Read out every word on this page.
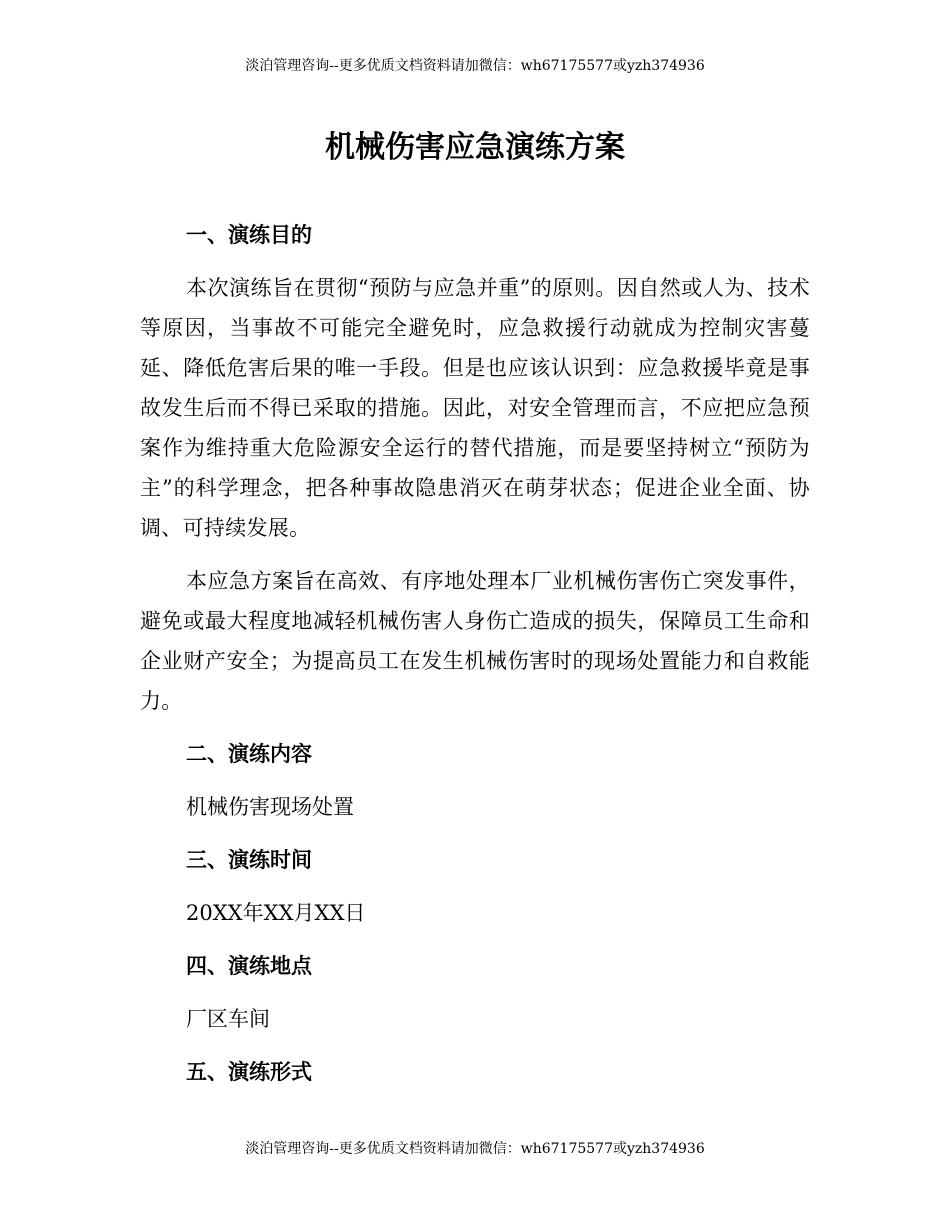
淡泊管理咨询--更多优质文档资料请加微信：wh67175577或yzh374936
机械伤害应急演练方案

一、演练目的

本次演练旨在贯彻“预防与应急并重”的原则。因自然或人为、技术等原因，当事故不可能完全避免时，应急救援行动就成为控制灾害蔓延、降低危害后果的唯一手段。但是也应该认识到：应急救援毕竟是事故发生后而不得已采取的措施。因此，对安全管理而言，不应把应急预案作为维持重大危险源安全运行的替代措施，而是要坚持树立“预防为主”的科学理念，把各种事故隐患消灭在萌芽状态；促进企业全面、协调、可持续发展。

本应急方案旨在高效、有序地处理本厂业机械伤害伤亡突发事件，避免或最大程度地减轻机械伤害人身伤亡造成的损失，保障员工生命和企业财产安全；为提高员工在发生机械伤害时的现场处置能力和自救能力。

二、演练内容

机械伤害现场处置

三、演练时间

20XX年XX月XX日

四、演练地点

厂区车间

五、演练形式

淡泊管理咨询--更多优质文档资料请加微信：wh67175577或yzh374936
